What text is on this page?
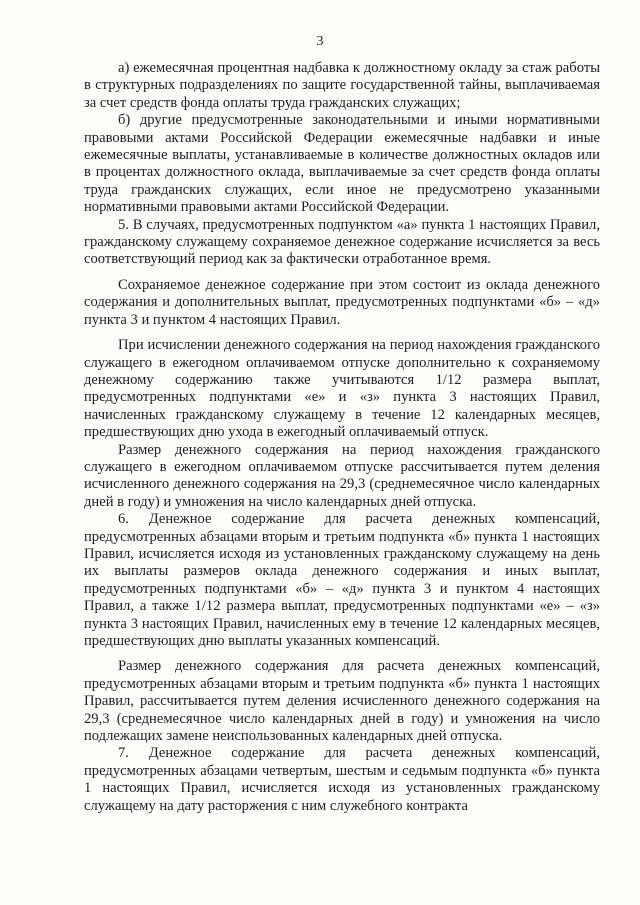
3

а) ежемесячная процентная надбавка к должностному окладу за стаж работы в структурных подразделениях по защите государственной тайны, выплачиваемая за счет средств фонда оплаты труда гражданских служащих;

б) другие предусмотренные законодательными и иными нормативными правовыми актами Российской Федерации ежемесячные надбавки и иные ежемесячные выплаты, устанавливаемые в количестве должностных окладов или в процентах должностного оклада, выплачиваемые за счет средств фонда оплаты труда гражданских служащих, если иное не предусмотрено указанными нормативными правовыми актами Российской Федерации.

5. В случаях, предусмотренных подпунктом «а» пункта 1 настоящих Правил, гражданскому служащему сохраняемое денежное содержание исчисляется за весь соответствующий период как за фактически отработанное время.

Сохраняемое денежное содержание при этом состоит из оклада денежного содержания и дополнительных выплат, предусмотренных подпунктами «б» – «д» пункта 3 и пунктом 4 настоящих Правил.

При исчислении денежного содержания на период нахождения гражданского служащего в ежегодном оплачиваемом отпуске дополнительно к сохраняемому денежному содержанию также учитываются 1/12 размера выплат, предусмотренных подпунктами «е» и «з» пункта 3 настоящих Правил, начисленных гражданскому служащему в течение 12 календарных месяцев, предшествующих дню ухода в ежегодный оплачиваемый отпуск.

Размер денежного содержания на период нахождения гражданского служащего в ежегодном оплачиваемом отпуске рассчитывается путем деления исчисленного денежного содержания на 29,3 (среднемесячное число календарных дней в году) и умножения на число календарных дней отпуска.

6. Денежное содержание для расчета денежных компенсаций, предусмотренных абзацами вторым и третьим подпункта «б» пункта 1 настоящих Правил, исчисляется исходя из установленных гражданскому служащему на день их выплаты размеров оклада денежного содержания и иных выплат, предусмотренных подпунктами «б» – «д» пункта 3 и пунктом 4 настоящих Правил, а также 1/12 размера выплат, предусмотренных подпунктами «е» – «з» пункта 3 настоящих Правил, начисленных ему в течение 12 календарных месяцев, предшествующих дню выплаты указанных компенсаций.

Размер денежного содержания для расчета денежных компенсаций, предусмотренных абзацами вторым и третьим подпункта «б» пункта 1 настоящих Правил, рассчитывается путем деления исчисленного денежного содержания на 29,3 (среднемесячное число календарных дней в году) и умножения на число подлежащих замене неиспользованных календарных дней отпуска.

7. Денежное содержание для расчета денежных компенсаций, предусмотренных абзацами четвертым, шестым и седьмым подпункта «б» пункта 1 настоящих Правил, исчисляется исходя из установленных гражданскому служащему на дату расторжения с ним служебного контракта
